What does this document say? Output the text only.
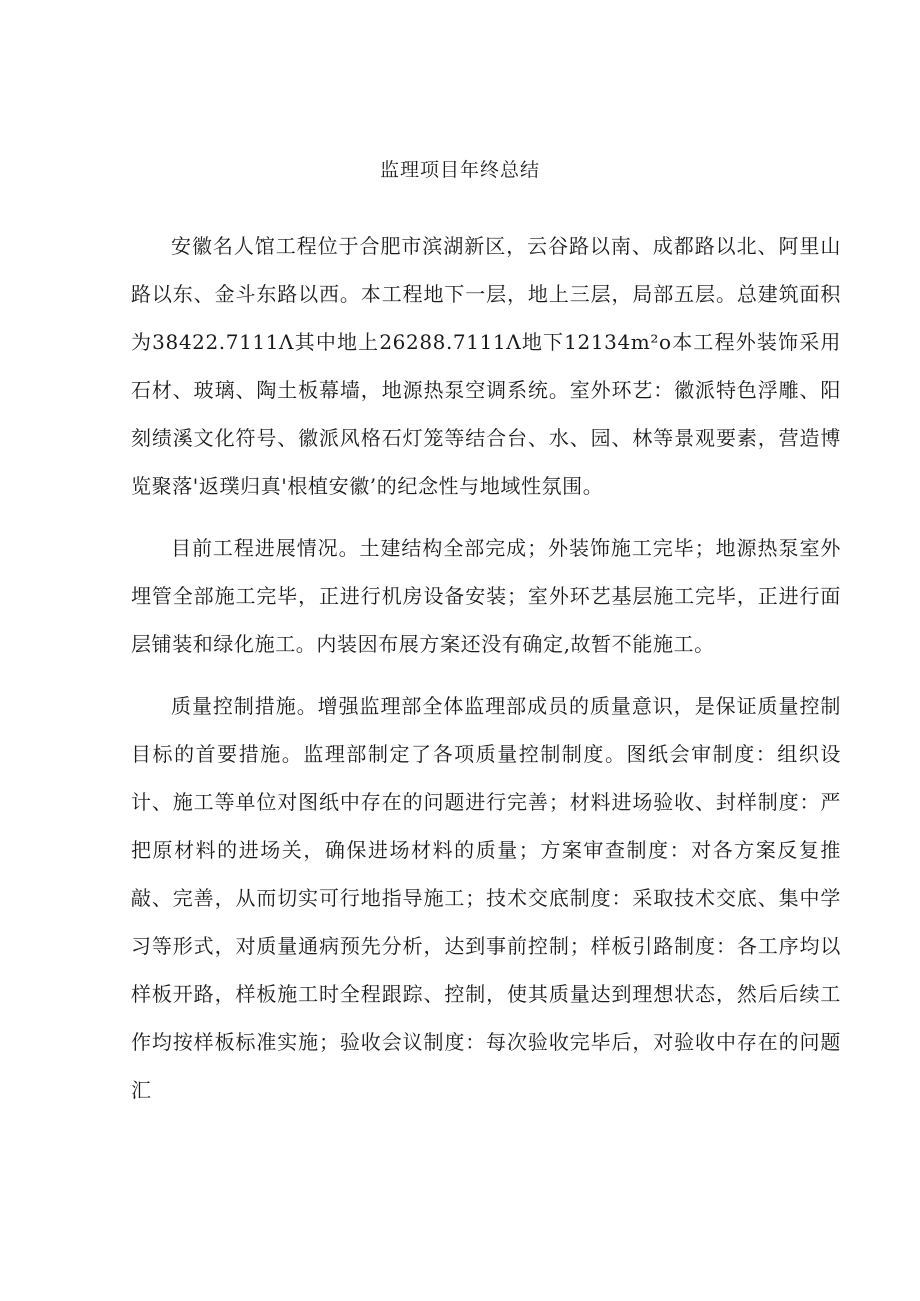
监理项目年终总结

安徽名人馆工程位于合肥市滨湖新区，云谷路以南、成都路以北、阿里山路以东、金斗东路以西。本工程地下一层，地上三层，局部五层。总建筑面积为38422.7111Λ其中地上26288.7111Λ地下12134m²o本工程外装饰采用石材、玻璃、陶土板幕墙，地源热泵空调系统。室外环艺：徽派特色浮雕、阳刻绩溪文化符号、徽派风格石灯笼等结合台、水、园、林等景观要素，营造博览聚落'返璞归真'根植安徽’的纪念性与地域性氛围。

目前工程进展情况。土建结构全部完成；外装饰施工完毕；地源热泵室外埋管全部施工完毕，正进行机房设备安装；室外环艺基层施工完毕，正进行面层铺装和绿化施工。内装因布展方案还没有确定,故暂不能施工。

质量控制措施。增强监理部全体监理部成员的质量意识，是保证质量控制目标的首要措施。监理部制定了各项质量控制制度。图纸会审制度：组织设计、施工等单位对图纸中存在的问题进行完善；材料进场验收、封样制度：严把原材料的进场关，确保进场材料的质量；方案审查制度：对各方案反复推敲、完善，从而切实可行地指导施工；技术交底制度：采取技术交底、集中学习等形式，对质量通病预先分析，达到事前控制；样板引路制度：各工序均以样板开路，样板施工时全程跟踪、控制，使其质量达到理想状态，然后后续工作均按样板标准实施；验收会议制度：每次验收完毕后，对验收中存在的问题汇
